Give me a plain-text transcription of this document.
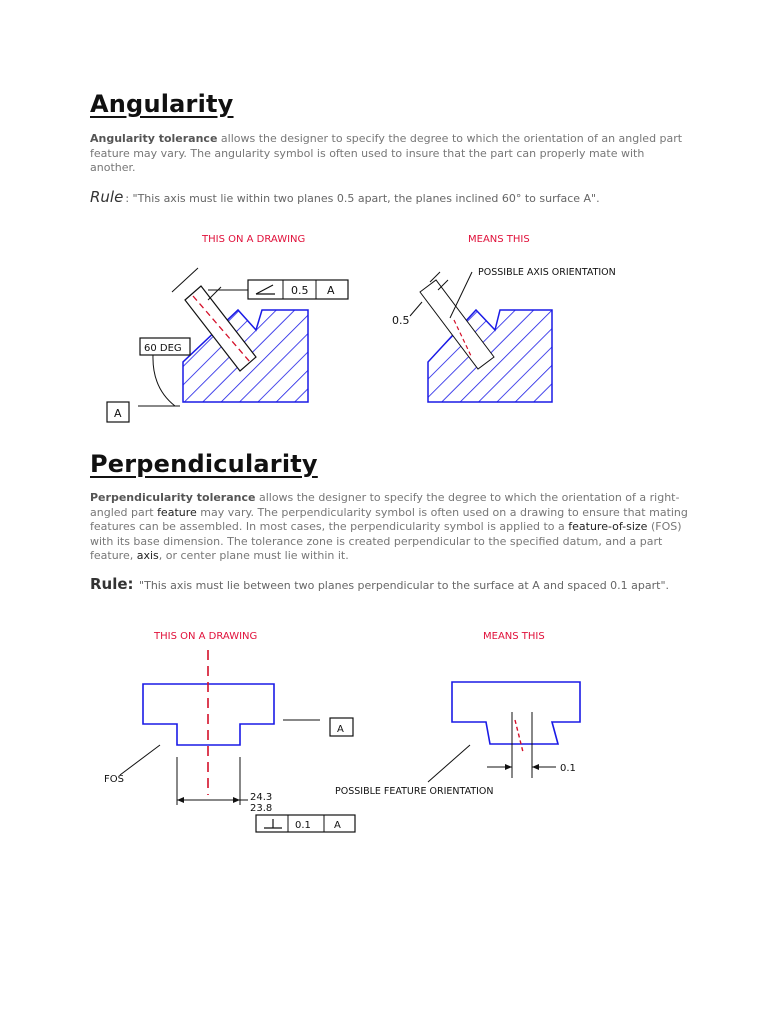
Angularity
Angularity tolerance allows the designer to specify the degree to which the orientation of an angled part feature may vary. The angularity symbol is often used to insure that the part can properly mate with another.
Rule : "This axis must lie within two planes 0.5 apart, the planes inclined 60° to surface A".
THIS ON A DRAWING	MEANS THIS
0.5 A
60 DEG
A
0.5
POSSIBLE AXIS ORIENTATION
Perpendicularity
Perpendicularity tolerance allows the designer to specify the degree to which the orientation of a right-angled part feature may vary. The perpendicularity symbol is often used on a drawing to ensure that mating features can be assembled. In most cases, the perpendicularity symbol is applied to a feature-of-size (FOS) with its base dimension. The tolerance zone is created perpendicular to the specified datum, and a part feature, axis, or center plane must lie within it.
Rule: "This axis must lie between two planes perpendicular to the surface at A and spaced 0.1 apart".
THIS ON A DRAWING	MEANS THIS
24.3
23.8
FOS
A
0.1 A
0.1
POSSIBLE FEATURE ORIENTATION
